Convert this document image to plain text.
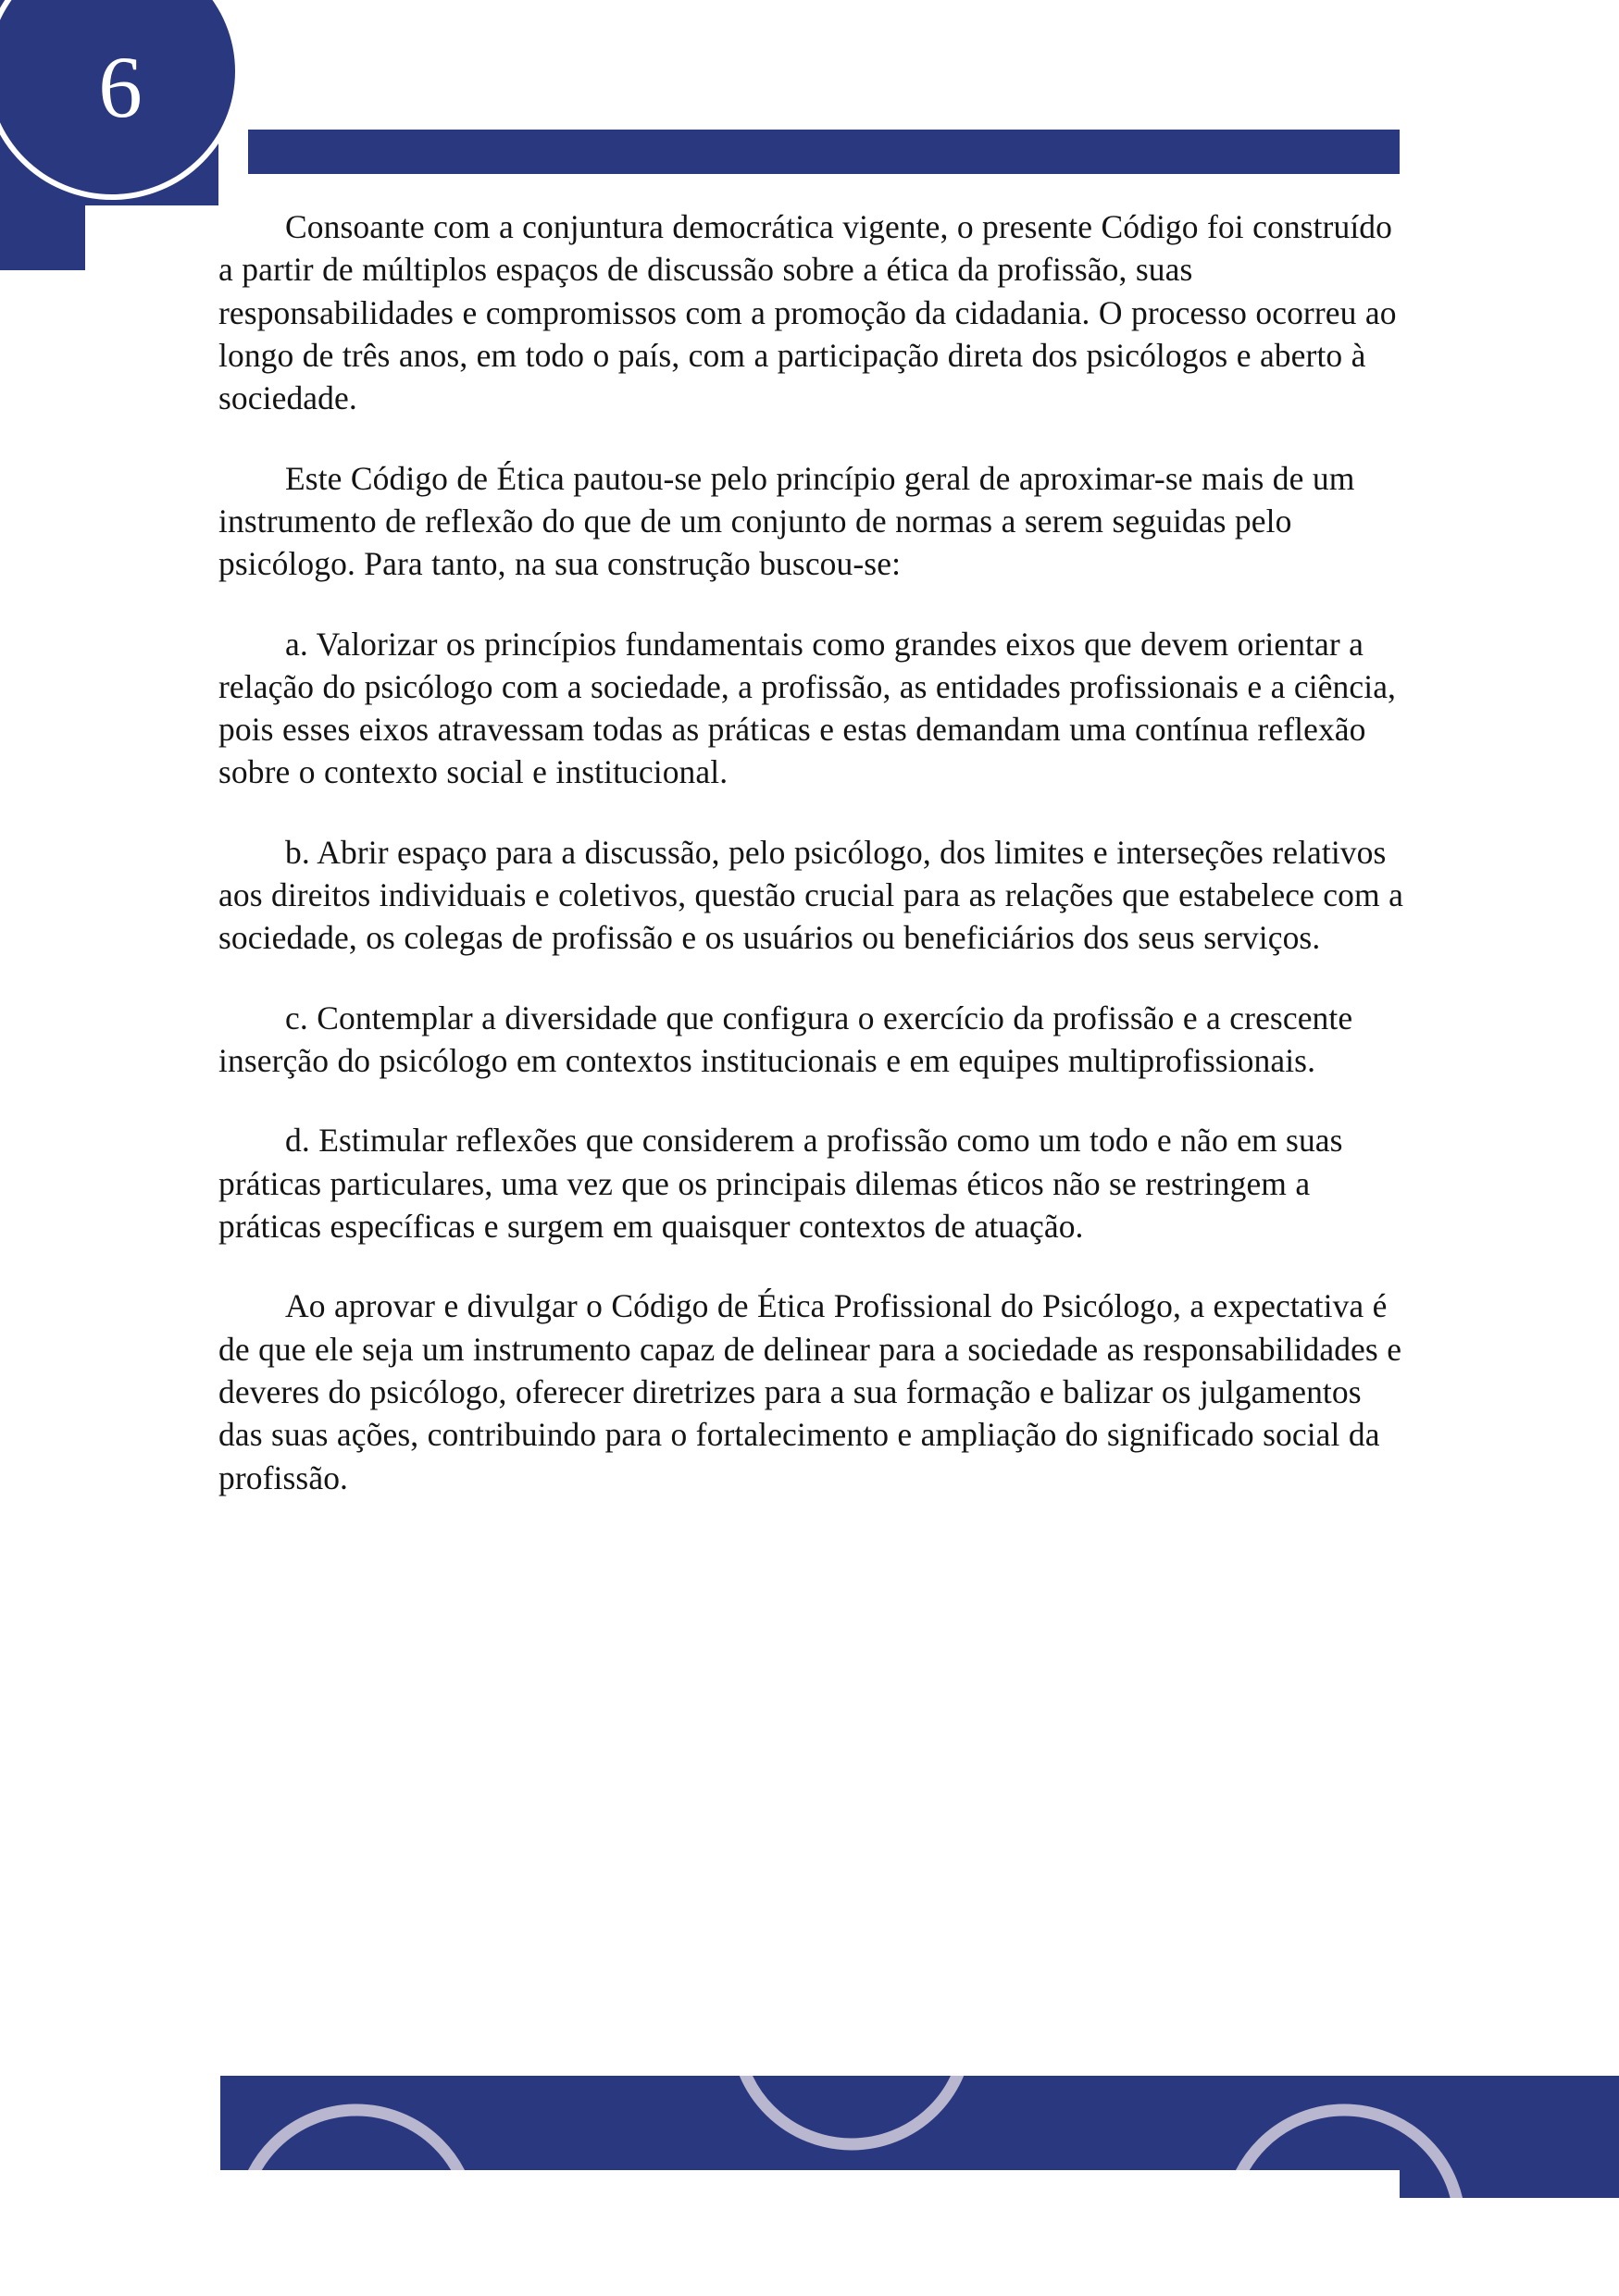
6

Consoante com a conjuntura democrática vigente, o presente Código foi construído a partir de múltiplos espaços de discussão sobre a ética da profissão, suas responsabilidades e compromissos com a promoção da cidadania. O processo ocorreu ao longo de três anos, em todo o país, com a participação direta dos psicólogos e aberto à sociedade.

Este Código de Ética pautou-se pelo princípio geral de aproximar-se mais de um instrumento de reflexão do que de um conjunto de normas a serem seguidas pelo psicólogo. Para tanto, na sua construção buscou-se:

a. Valorizar os princípios fundamentais como grandes eixos que devem orientar a relação do psicólogo com a sociedade, a profissão, as entidades profissionais e a ciência, pois esses eixos atravessam todas as práticas e estas demandam uma contínua reflexão sobre o contexto social e institucional.

b. Abrir espaço para a discussão, pelo psicólogo, dos limites e interseções relativos aos direitos individuais e coletivos, questão crucial para as relações que estabelece com a sociedade, os colegas de profissão e os usuários ou beneficiários dos seus serviços.

c. Contemplar a diversidade que configura o exercício da profissão e a crescente inserção do psicólogo em contextos institucionais e em equipes multiprofissionais.

d. Estimular reflexões que considerem a profissão como um todo e não em suas práticas particulares, uma vez que os principais dilemas éticos não se restringem a práticas específicas e surgem em quaisquer contextos de atuação.

Ao aprovar e divulgar o Código de Ética Profissional do Psicólogo, a expectativa é de que ele seja um instrumento capaz de delinear para a sociedade as responsabilidades e deveres do psicólogo, oferecer diretrizes para a sua formação e balizar os julgamentos das suas ações, contribuindo para o fortalecimento e ampliação do significado social da profissão.
